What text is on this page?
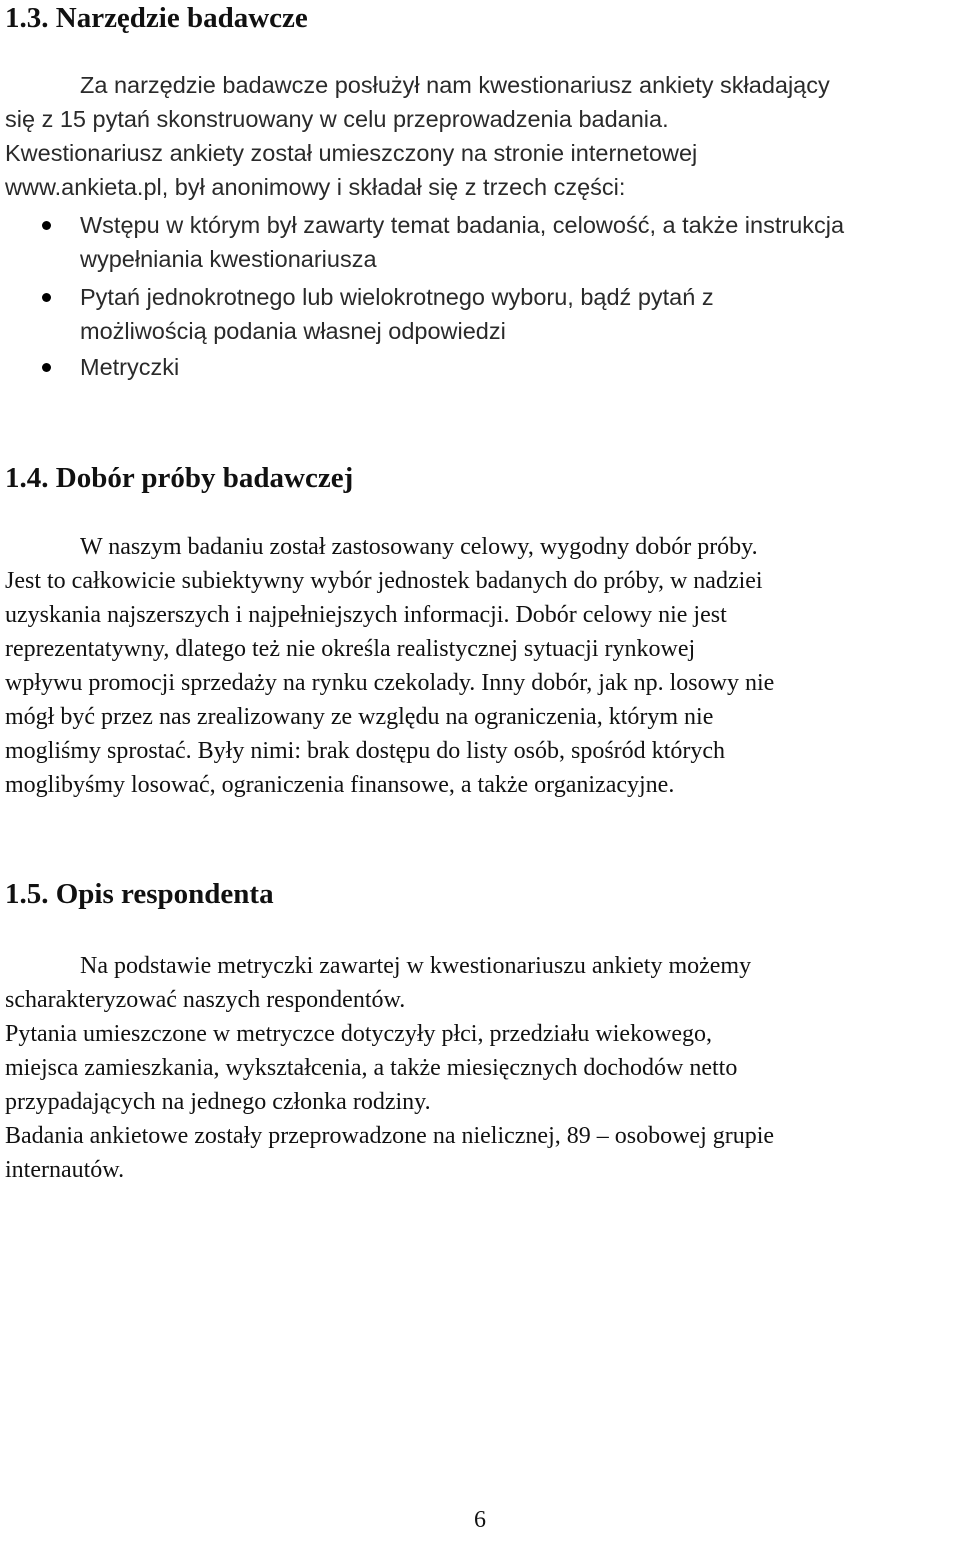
1.3. Narzędzie badawcze

Za narzędzie badawcze posłużył nam kwestionariusz ankiety składający

się z 15 pytań skonstruowany w celu przeprowadzenia badania.

Kwestionariusz ankiety został umieszczony na stronie internetowej

www.ankieta.pl, był anonimowy i składał się z trzech części:

Wstępu w którym był zawarty temat badania, celowość, a także instrukcja

wypełniania kwestionariusza

Pytań jednokrotnego lub wielokrotnego wyboru, bądź pytań z

możliwością podania własnej odpowiedzi

Metryczki

1.4. Dobór próby badawczej

W naszym badaniu został zastosowany celowy, wygodny dobór próby.

Jest to całkowicie subiektywny wybór jednostek badanych do próby, w nadziei

uzyskania najszerszych i najpełniejszych informacji. Dobór celowy nie jest

reprezentatywny, dlatego też nie określa realistycznej sytuacji rynkowej

wpływu promocji sprzedaży na rynku czekolady. Inny dobór, jak np. losowy nie

mógł być przez nas zrealizowany ze względu na ograniczenia, którym nie

mogliśmy sprostać. Były nimi: brak dostępu do listy osób, spośród których

moglibyśmy losować, ograniczenia finansowe, a także organizacyjne.

1.5. Opis respondenta

Na podstawie metryczki zawartej w kwestionariuszu ankiety możemy

scharakteryzować naszych respondentów.

Pytania umieszczone w metryczce dotyczyły płci, przedziału wiekowego,

miejsca zamieszkania, wykształcenia, a także miesięcznych dochodów netto

przypadających na jednego członka rodziny.

Badania ankietowe zostały przeprowadzone na nielicznej, 89 – osobowej grupie

internautów.

6
